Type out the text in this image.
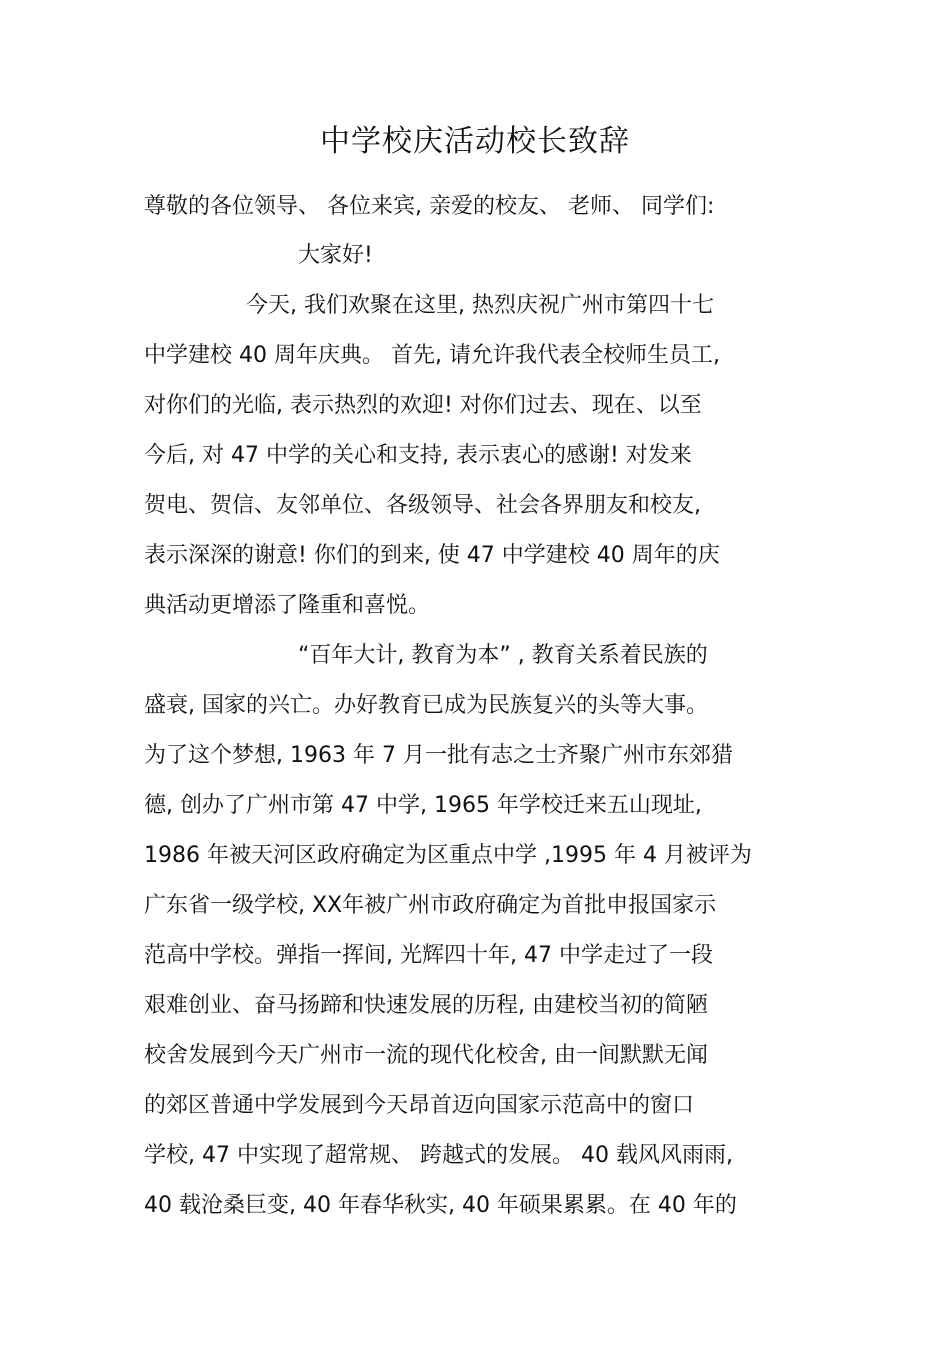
中学校庆活动校长致辞
尊敬的各位领导、 各位来宾, 亲爱的校友、 老师、 同学们:
大家好!
今天, 我们欢聚在这里, 热烈庆祝广州市第四十七
中学建校 40 周年庆典。 首先, 请允许我代表全校师生员工,
对你们的光临, 表示热烈的欢迎! 对你们过去、现在、以至
今后, 对 47 中学的关心和支持, 表示衷心的感谢! 对发来
贺电、贺信、友邻单位、各级领导、社会各界朋友和校友,
表示深深的谢意! 你们的到来, 使 47 中学建校 40 周年的庆
典活动更增添了隆重和喜悦。
“百年大计, 教育为本” , 教育关系着民族的
盛衰, 国家的兴亡。办好教育已成为民族复兴的头等大事。
为了这个梦想, 1963 年 7 月一批有志之士齐聚广州市东郊猎
德, 创办了广州市第 47 中学, 1965 年学校迁来五山现址,
1986 年被天河区政府确定为区重点中学 ,1995 年 4 月被评为
广东省一级学校, XX年被广州市政府确定为首批申报国家示
范高中学校。弹指一挥间, 光辉四十年, 47 中学走过了一段
艰难创业、奋马扬蹄和快速发展的历程, 由建校当初的简陋
校舍发展到今天广州市一流的现代化校舍, 由一间默默无闻
的郊区普通中学发展到今天昂首迈向国家示范高中的窗口
学校, 47 中实现了超常规、 跨越式的发展。 40 载风风雨雨,
40 载沧桑巨变, 40 年春华秋实, 40 年硕果累累。在 40 年的
